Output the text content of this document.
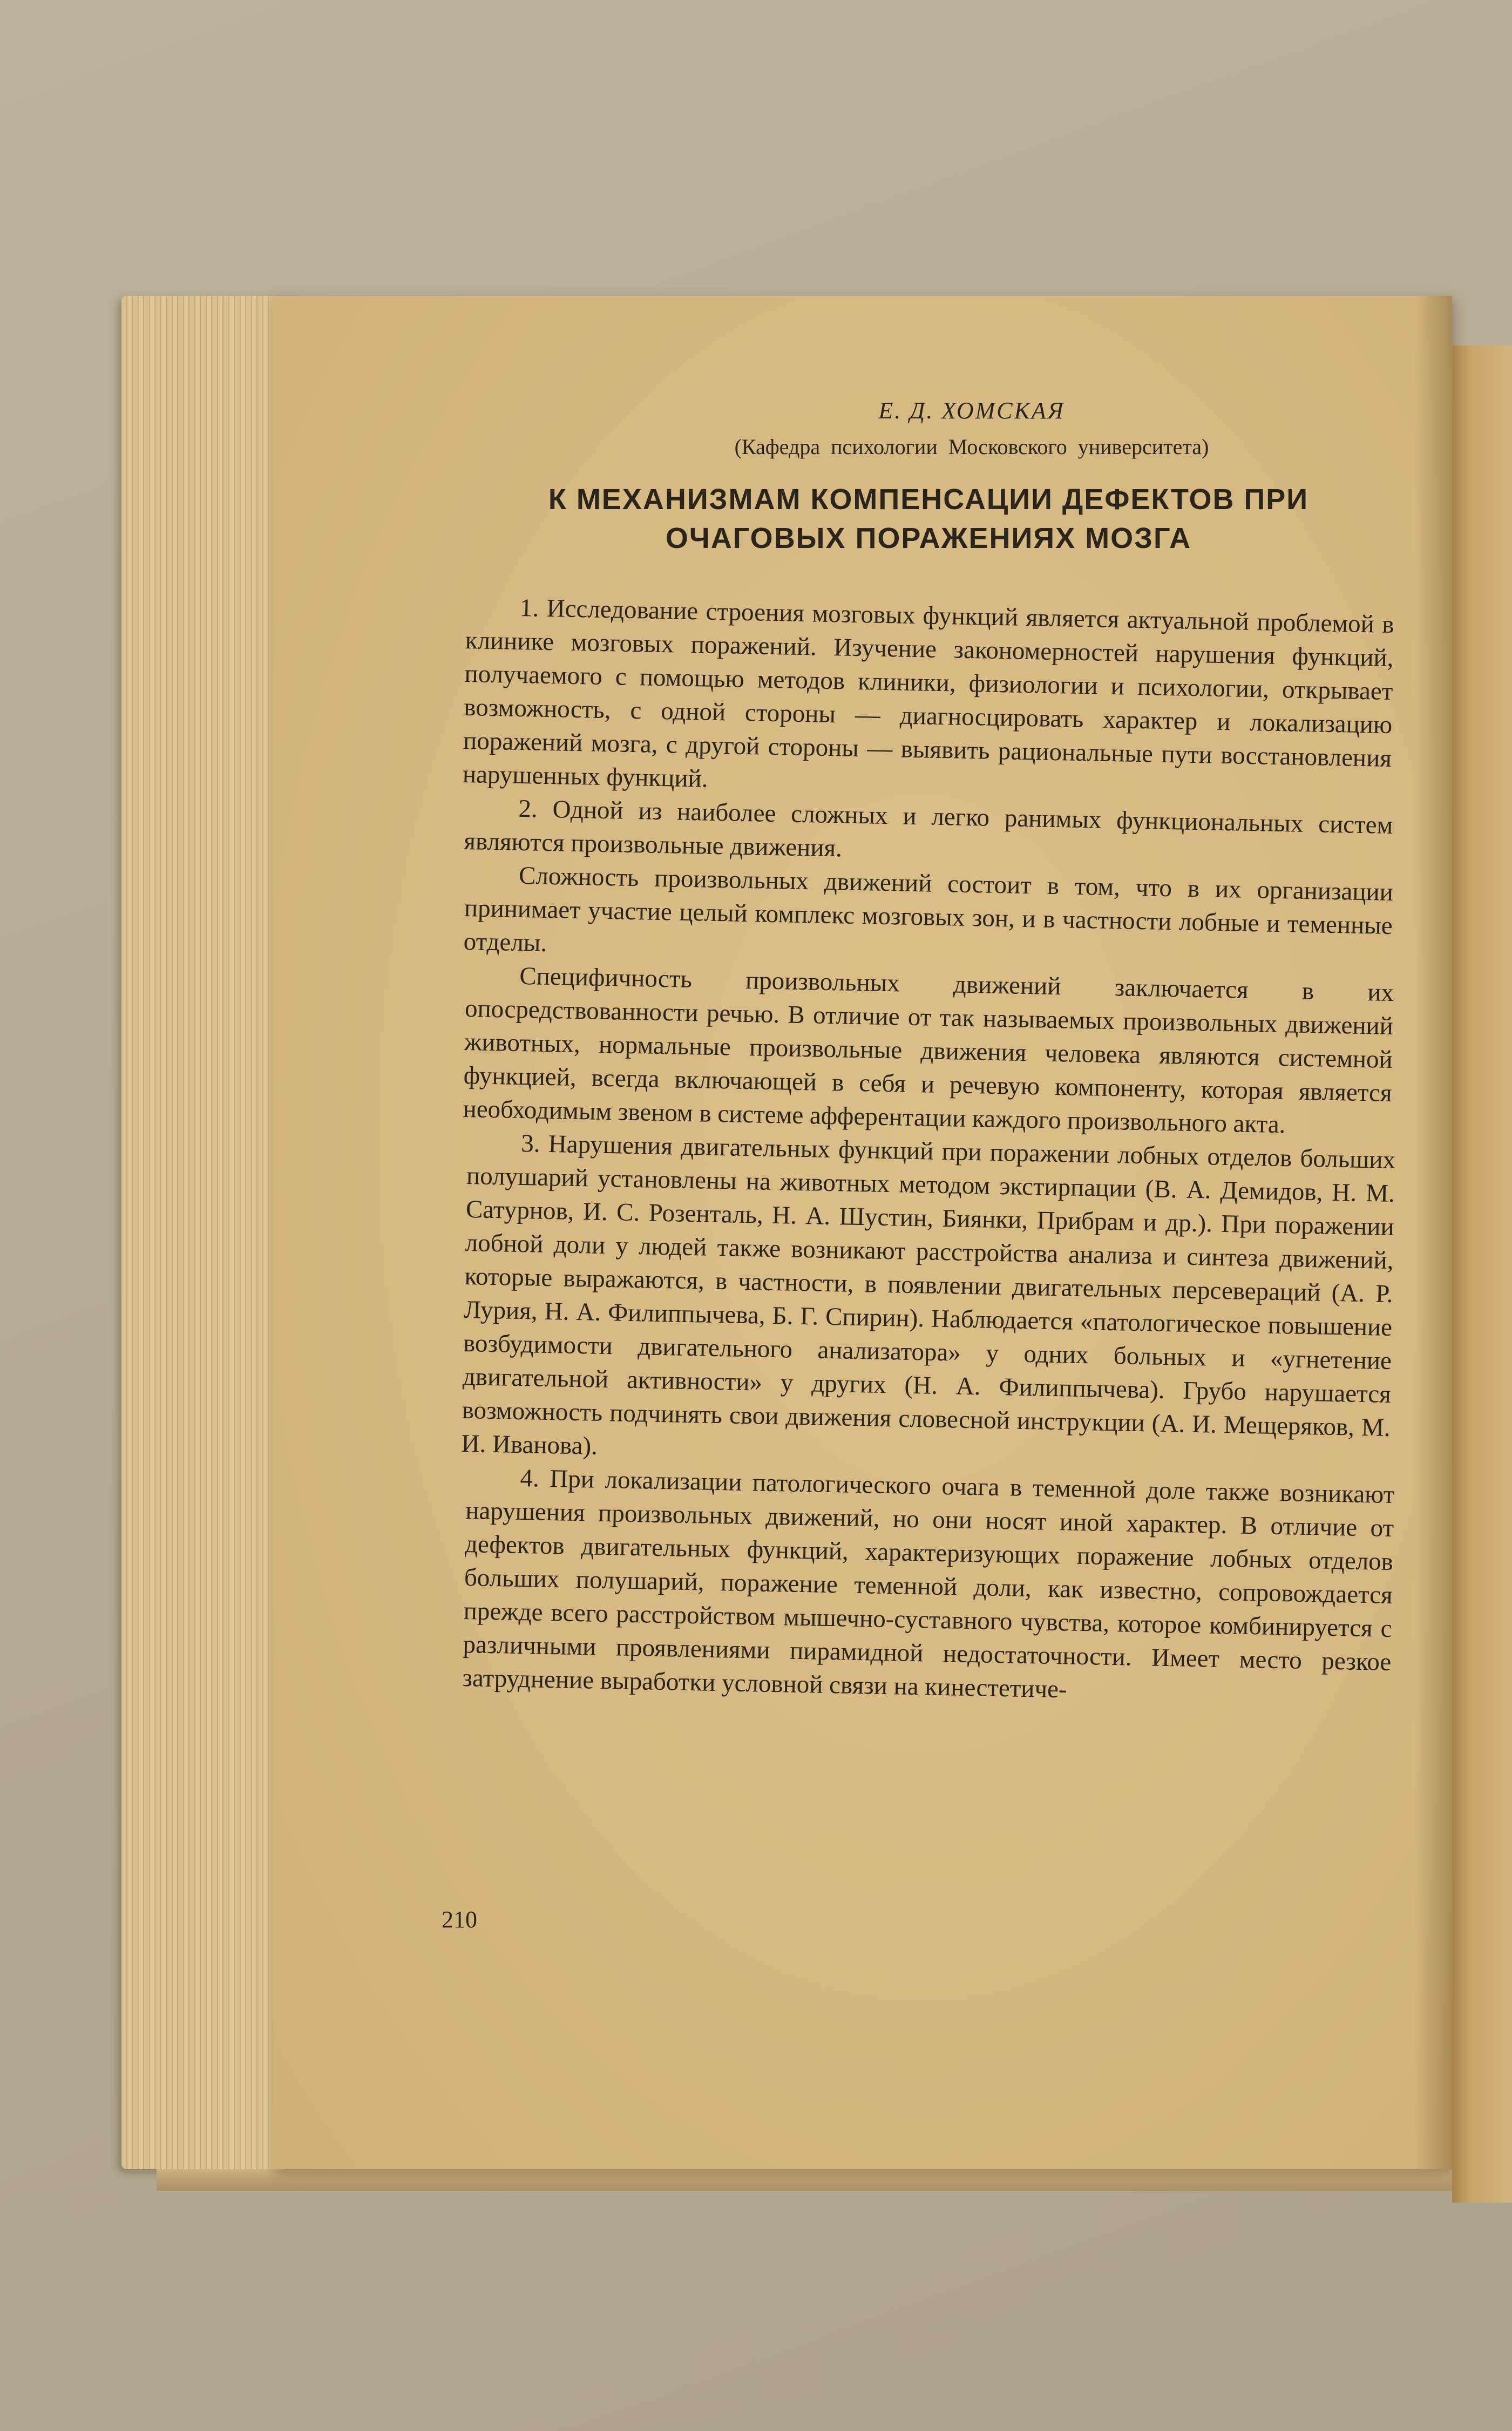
Е. Д. ХОМСКАЯ
(Кафедра психологии Московского университета)
К МЕХАНИЗМАМ КОМПЕНСАЦИИ ДЕФЕКТОВ ПРИ
ОЧАГОВЫХ ПОРАЖЕНИЯХ МОЗГА

1. Исследование строения мозговых функций является актуальной проблемой в клинике мозговых поражений. Изучение закономерностей нарушения функций, получаемого с помощью методов клиники, физиологии и психологии, открывает возможность, с одной стороны — диагносцировать характер и локализацию поражений мозга, с другой стороны — выявить рациональные пути восстановления нарушенных функций.

2. Одной из наиболее сложных и легко ранимых функциональных систем являются произвольные движения.

Сложность произвольных движений состоит в том, что в их организации принимает участие целый комплекс мозговых зон, и в частности лобные и теменные отделы.

Специфичность произвольных движений заключается в их опосредствованности речью. В отличие от так называемых произвольных движений животных, нормальные произвольные движения человека являются системной функцией, всегда включающей в себя и речевую компоненту, которая является необходимым звеном в системе афферентации каждого произвольного акта.

3. Нарушения двигательных функций при поражении лобных отделов больших полушарий установлены на животных методом экстирпации (В. А. Демидов, Н. М. Сатурнов, И. С. Розенталь, Н. А. Шустин, Биянки, Прибрам и др.). При поражении лобной доли у людей также возникают расстройства анализа и синтеза движений, которые выражаются, в частности, в появлении двигательных персевераций (А. Р. Лурия, Н. А. Филиппычева, Б. Г. Спирин). Наблюдается «патологическое повышение возбудимости двигательного анализатора» у одних больных и «угнетение двигательной активности» у других (Н. А. Филиппычева). Грубо нарушается возможность подчинять свои движения словесной инструкции (А. И. Мещеряков, М. И. Иванова).

4. При локализации патологического очага в теменной доле также возникают нарушения произвольных движений, но они носят иной характер. В отличие от дефектов двигательных функций, характеризующих поражение лобных отделов больших полушарий, поражение теменной доли, как известно, сопровождается прежде всего расстройством мышечно-суставного чувства, которое комбинируется с различными проявлениями пирамидной недостаточности. Имеет место резкое затруднение выработки условной связи на кинестетиче-

210
